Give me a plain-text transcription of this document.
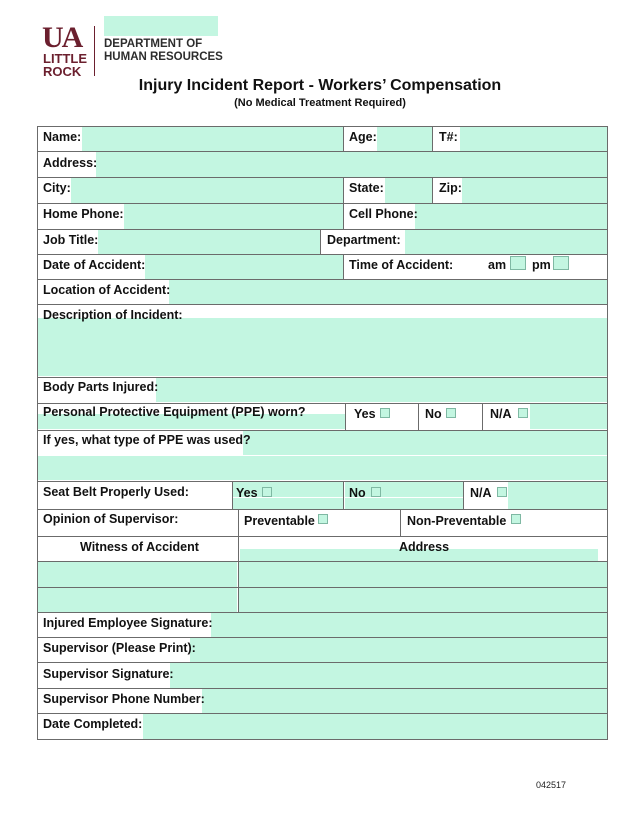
UA
LITTLE
ROCK
DEPARTMENT OF
HUMAN RESOURCES
Injury Incident Report - Workers’ Compensation
(No Medical Treatment Required)
Name:	Age:	T#:
Address:
City:	State:	Zip:
Home Phone:	Cell Phone:
Job Title:	Department:
Date of Accident:	Time of Accident:	am pm
Location of Accident:
Description of Incident:
Body Parts Injured:
Personal Protective Equipment (PPE) worn?	Yes	No	N/A
If yes, what type of PPE was used?
Seat Belt Properly Used:	Yes	No	N/A
Opinion of Supervisor:	Preventable	Non-Preventable
Witness of Accident	Address
Injured Employee Signature:
Supervisor (Please Print):
Supervisor Signature:
Supervisor Phone Number:
Date Completed:
042517
